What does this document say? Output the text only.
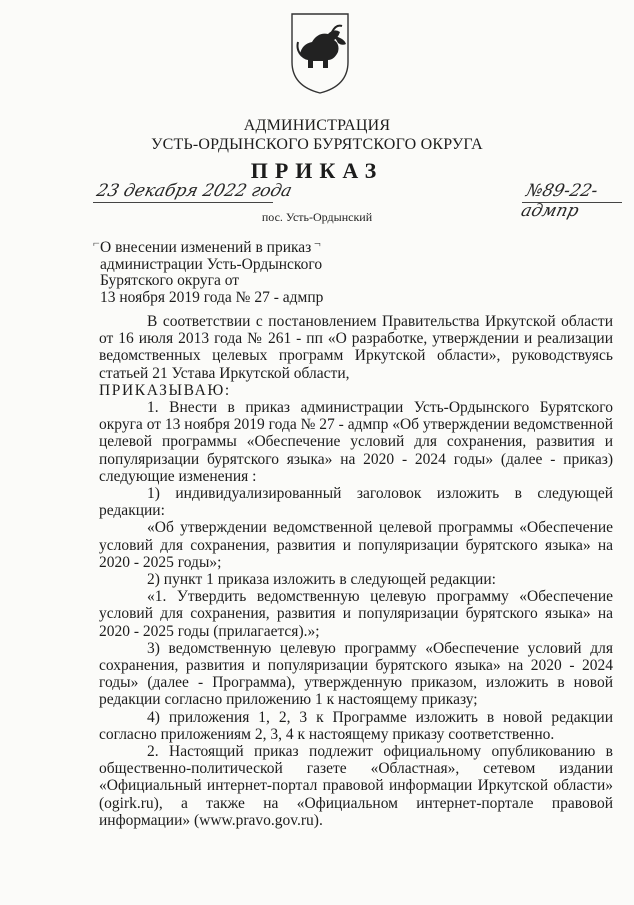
АДМИНИСТРАЦИЯ
УСТЬ-ОРДЫНСКОГО БУРЯТСКОГО ОКРУГА
ПРИКАЗ
23 декабря 2022 года	№89-22-адмпр
пос. Усть-Ордынский
⌐	¬
О внесении изменений в приказ
администрации Усть-Ордынского
Бурятского округа от
13 ноября 2019 года № 27 - адмпр

В соответствии с постановлением Правительства Иркутской области от 16 июля 2013 года № 261 - пп «О разработке, утверждении и реализации ведомственных целевых программ Иркутской области», руководствуясь статьей 21 Устава Иркутской области,

ПРИКАЗЫВАЮ:

1. Внести в приказ администрации Усть-Ордынского Бурятского округа от 13 ноября 2019 года № 27 - адмпр «Об утверждении ведомственной целевой программы «Обеспечение условий для сохранения, развития и популяризации бурятского языка» на 2020 - 2024 годы» (далее - приказ) следующие изменения :

1) индивидуализированный заголовок изложить в следующей редакции:

«Об утверждении ведомственной целевой программы «Обеспечение условий для сохранения, развития и популяризации бурятского языка» на 2020 - 2025 годы»;

2) пункт 1 приказа изложить в следующей редакции:

«1. Утвердить ведомственную целевую программу «Обеспечение условий для сохранения, развития и популяризации бурятского языка» на 2020 - 2025 годы (прилагается).»;

3) ведомственную целевую программу «Обеспечение условий для сохранения, развития и популяризации бурятского языка» на 2020 - 2024 годы» (далее - Программа), утвержденную приказом, изложить в новой редакции согласно приложению 1 к настоящему приказу;

4) приложения 1, 2, 3 к Программе изложить в новой редакции согласно приложениям 2, 3, 4 к настоящему приказу соответственно.

2. Настоящий приказ подлежит официальному опубликованию в общественно-политической газете «Областная», сетевом издании «Официальный интернет-портал правовой информации Иркутской области» (ogirk.ru), а также на «Официальном интернет-портале правовой информации» (www.pravo.gov.ru).
